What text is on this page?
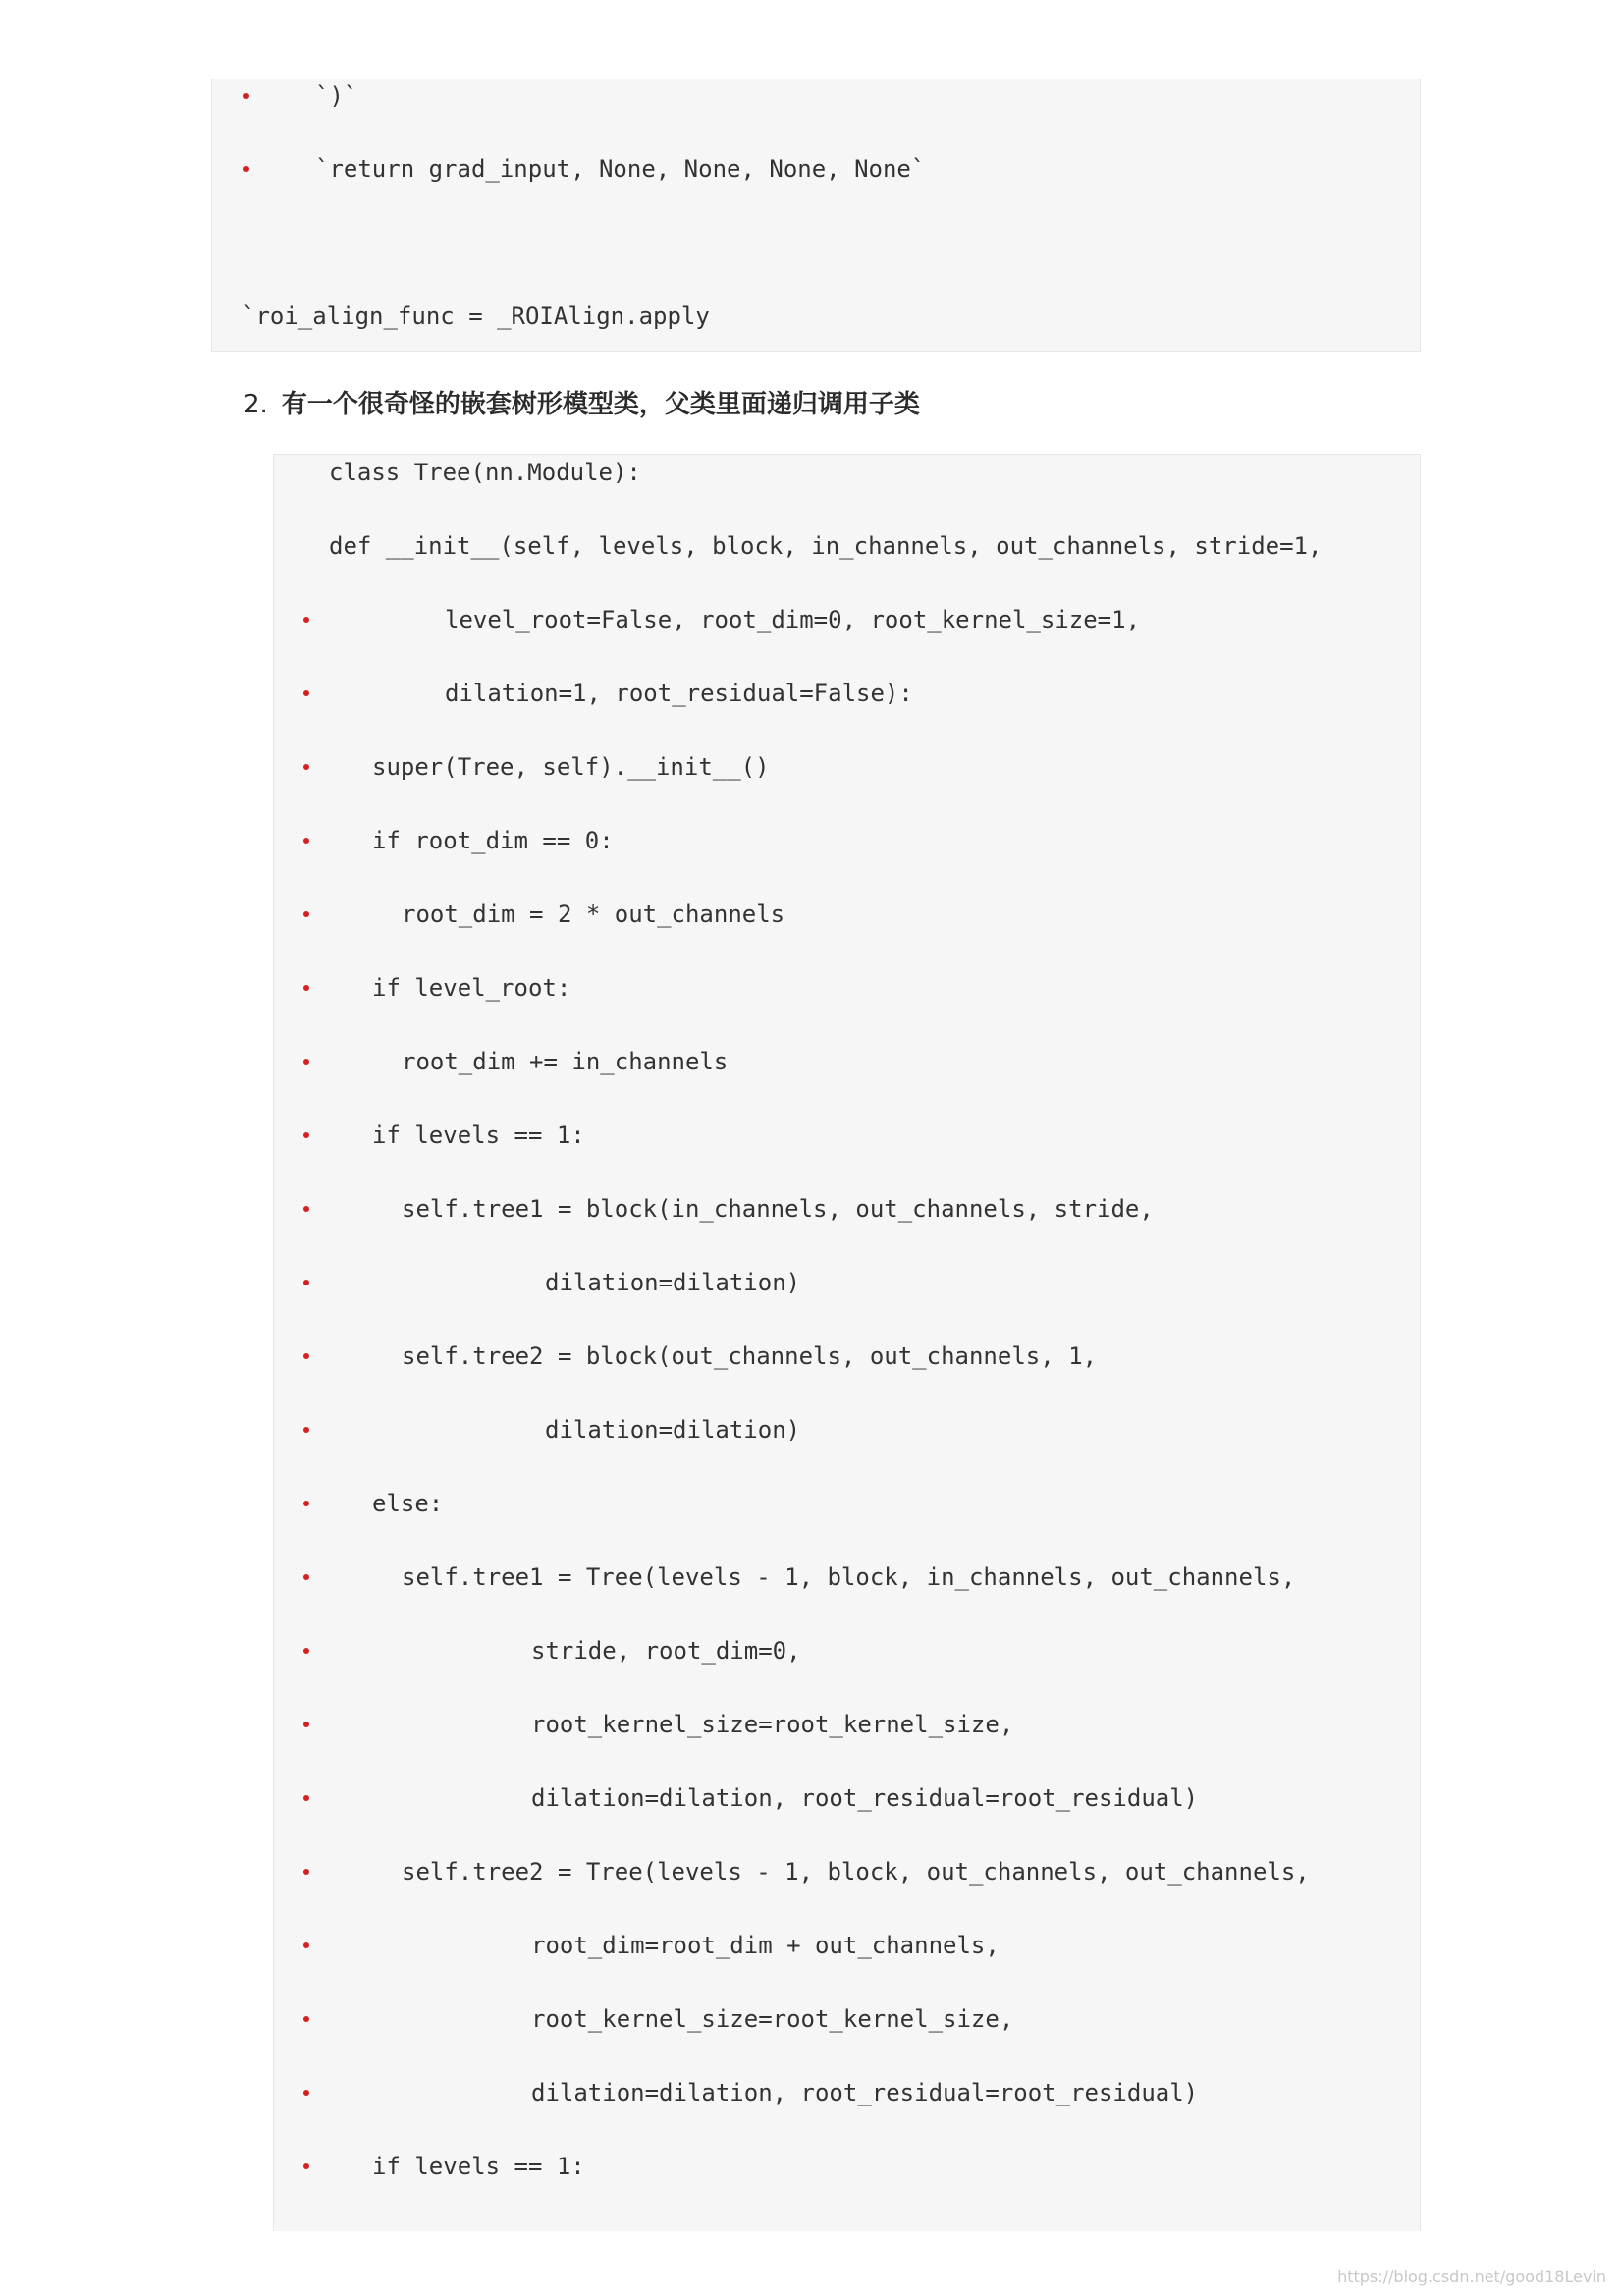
`)`
`return grad_input, None, None, None, None`
`roi_align_func = _ROIAlign.apply
2. 有一个很奇怪的嵌套树形模型类，父类里面递归调用子类
class Tree(nn.Module):
def __init__(self, levels, block, in_channels, out_channels, stride=1,
level_root=False, root_dim=0, root_kernel_size=1,
dilation=1, root_residual=False):
super(Tree, self).__init__()
if root_dim == 0:
root_dim = 2 * out_channels
if level_root:
root_dim += in_channels
if levels == 1:
self.tree1 = block(in_channels, out_channels, stride,
dilation=dilation)
self.tree2 = block(out_channels, out_channels, 1,
dilation=dilation)
else:
self.tree1 = Tree(levels - 1, block, in_channels, out_channels,
stride, root_dim=0,
root_kernel_size=root_kernel_size,
dilation=dilation, root_residual=root_residual)
self.tree2 = Tree(levels - 1, block, out_channels, out_channels,
root_dim=root_dim + out_channels,
root_kernel_size=root_kernel_size,
dilation=dilation, root_residual=root_residual)
if levels == 1:
https://blog.csdn.net/good18Levin
